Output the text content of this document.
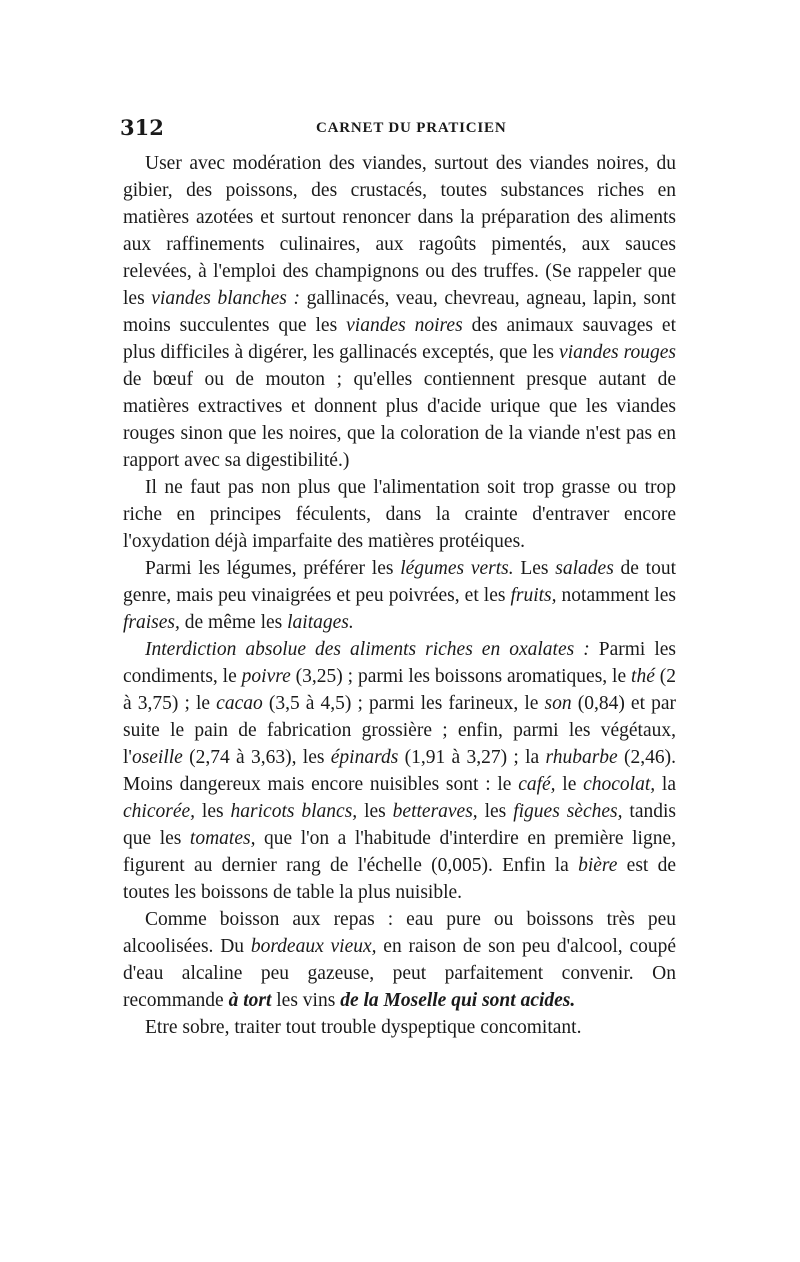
312	CARNET DU PRATICIEN

User avec modération des viandes, surtout des viandes noires, du gibier, des poissons, des crustacés, toutes substances riches en matières azotées et surtout renoncer dans la préparation des aliments aux raffinements culinaires, aux ragoûts pimentés, aux sauces relevées, à l'emploi des champignons ou des truffes. (Se rappeler que les viandes blanches : gallinacés, veau, chevreau, agneau, lapin, sont moins succulentes que les viandes noires des animaux sauvages et plus difficiles à digérer, les gallinacés exceptés, que les viandes rouges de bœuf ou de mouton ; qu'elles contiennent presque autant de matières extractives et donnent plus d'acide urique que les viandes rouges sinon que les noires, que la coloration de la viande n'est pas en rapport avec sa digestibilité.)

Il ne faut pas non plus que l'alimentation soit trop grasse ou trop riche en principes féculents, dans la crainte d'entraver encore l'oxydation déjà imparfaite des matières protéiques.

Parmi les légumes, préférer les légumes verts. Les salades de tout genre, mais peu vinaigrées et peu poivrées, et les fruits, notamment les fraises, de même les laitages.

Interdiction absolue des aliments riches en oxalates : Parmi les condiments, le poivre (3,25) ; parmi les boissons aromatiques, le thé (2 à 3,75) ; le cacao (3,5 à 4,5) ; parmi les farineux, le son (0,84) et par suite le pain de fabrication grossière ; enfin, parmi les végétaux, l'oseille (2,74 à 3,63), les épinards (1,91 à 3,27) ; la rhubarbe (2,46). Moins dangereux mais encore nuisibles sont : le café, le chocolat, la chicorée, les haricots blancs, les betteraves, les figues sèches, tandis que les tomates, que l'on a l'habitude d'interdire en première ligne, figurent au dernier rang de l'échelle (0,005). Enfin la bière est de toutes les boissons de table la plus nuisible.

Comme boisson aux repas : eau pure ou boissons très peu alcoolisées. Du bordeaux vieux, en raison de son peu d'alcool, coupé d'eau alcaline peu gazeuse, peut parfaitement convenir. On recommande à tort les vins de la Moselle qui sont acides.

Etre sobre, traiter tout trouble dyspeptique concomitant.
